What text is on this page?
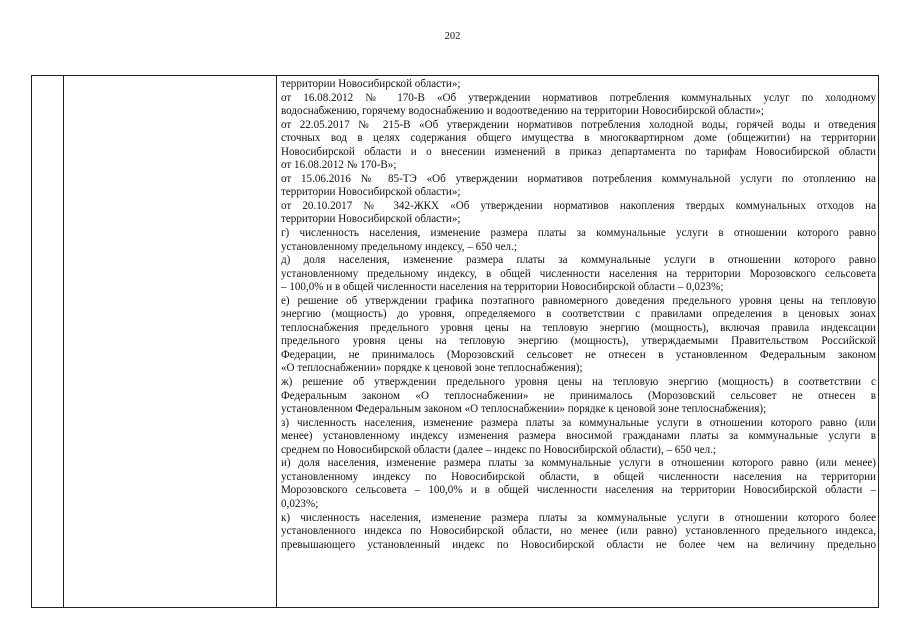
202
территории Новосибирской области»;
от 16.08.2012 № 170-В «Об утверждении нормативов потребления коммунальных услуг по холодному
водоснабжению, горячему водоснабжению и водоотведению на территории Новосибирской области»;
от 22.05.2017 № 215-В «Об утверждении нормативов потребления холодной воды, горячей воды и отведения
сточных вод в целях содержания общего имущества в многоквартирном доме (общежитии) на территории
Новосибирской области и о внесении изменений в приказ департамента по тарифам Новосибирской области
от 16.08.2012 № 170-В»;
от 15.06.2016 № 85-ТЭ «Об утверждении нормативов потребления коммунальной услуги по отоплению на
территории Новосибирской области»;
от 20.10.2017 № 342-ЖКХ «Об утверждении нормативов накопления твердых коммунальных отходов на
территории Новосибирской области»;
г) численность населения, изменение размера платы за коммунальные услуги в отношении которого равно
установленному предельному индексу, – 650 чел.;
д) доля населения, изменение размера платы за коммунальные услуги в отношении которого равно
установленному предельному индексу, в общей численности населения на территории Морозовского сельсовета
– 100,0% и в общей численности населения на территории Новосибирской области – 0,023%;
е) решение об утверждении графика поэтапного равномерного доведения предельного уровня цены на тепловую
энергию (мощность) до уровня, определяемого в соответствии с правилами определения в ценовых зонах
теплоснабжения предельного уровня цены на тепловую энергию (мощность), включая правила индексации
предельного уровня цены на тепловую энергию (мощность), утверждаемыми Правительством Российской
Федерации, не принималось (Морозовский сельсовет не отнесен в установленном Федеральным законом
«О теплоснабжении» порядке к ценовой зоне теплоснабжения);
ж) решение об утверждении предельного уровня цены на тепловую энергию (мощность) в соответствии с
Федеральным законом «О теплоснабжении» не принималось (Морозовский сельсовет не отнесен в
установленном Федеральным законом «О теплоснабжении» порядке к ценовой зоне теплоснабжения);
з) численность населения, изменение размера платы за коммунальные услуги в отношении которого равно (или
менее) установленному индексу изменения размера вносимой гражданами платы за коммунальные услуги в
среднем по Новосибирской области (далее – индекс по Новосибирской области), – 650 чел.;
и) доля населения, изменение размера платы за коммунальные услуги в отношении которого равно (или менее)
установленному индексу по Новосибирской области, в общей численности населения на территории
Морозовского сельсовета – 100,0% и в общей численности населения на территории Новосибирской области –
0,023%;
к) численность населения, изменение размера платы за коммунальные услуги в отношении которого более
установленного индекса по Новосибирской области, но менее (или равно) установленного предельного индекса,
превышающего установленный индекс по Новосибирской области не более чем на величину предельно
